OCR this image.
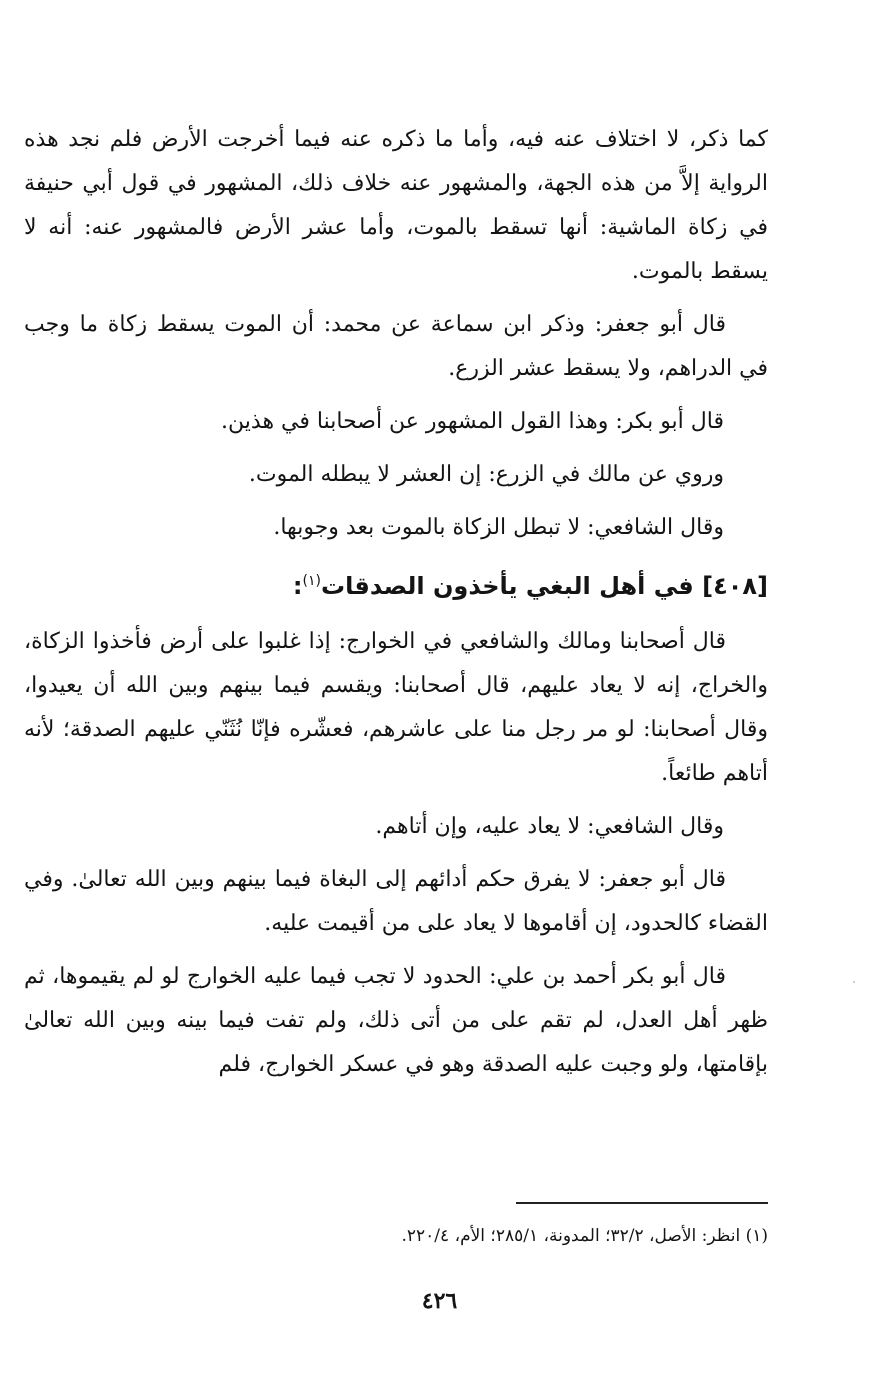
كما ذكر، لا اختلاف عنه فيه، وأما ما ذكره عنه فيما أخرجت الأرض فلم نجد هذه الرواية إلاَّ من هذه الجهة، والمشهور عنه خلاف ذلك، المشهور في قول أبي حنيفة في زكاة الماشية: أنها تسقط بالموت، وأما عشر الأرض فالمشهور عنه: أنه لا يسقط بالموت.

قال أبو جعفر: وذكر ابن سماعة عن محمد: أن الموت يسقط زكاة ما وجب في الدراهم، ولا يسقط عشر الزرع.

قال أبو بكر: وهذا القول المشهور عن أصحابنا في هذين.

وروي عن مالك في الزرع: إن العشر لا يبطله الموت.

وقال الشافعي: لا تبطل الزكاة بالموت بعد وجوبها.

[٤٠٨] في أهل البغي يأخذون الصدقات$^{(١)}$:

قال أصحابنا ومالك والشافعي في الخوارج: إذا غلبوا على أرض فأخذوا الزكاة، والخراج، إنه لا يعاد عليهم، قال أصحابنا: ويقسم فيما بينهم وبين الله أن يعيدوا، وقال أصحابنا: لو مر رجل منا على عاشرهم، فعشّره فإنّا نُثَنّي عليهم الصدقة؛ لأنه أتاهم طائعاً.

وقال الشافعي: لا يعاد عليه، وإن أتاهم.

قال أبو جعفر: لا يفرق حكم أدائهم إلى البغاة فيما بينهم وبين الله تعالىٰ. وفي القضاء كالحدود، إن أقاموها لا يعاد على من أقيمت عليه.

قال أبو بكر أحمد بن علي: الحدود لا تجب فيما عليه الخوارج لو لم يقيموها، ثم ظهر أهل العدل، لم تقم على من أتى ذلك، ولم تفت فيما بينه وبين الله تعالىٰ بإقامتها، ولو وجبت عليه الصدقة وهو في عسكر الخوارج، فلم

(١) انظر: الأصل، ٣٢/٢؛ المدونة، ٢٨٥/١؛ الأم، ٢٢٠/٤.
٤٢٦
